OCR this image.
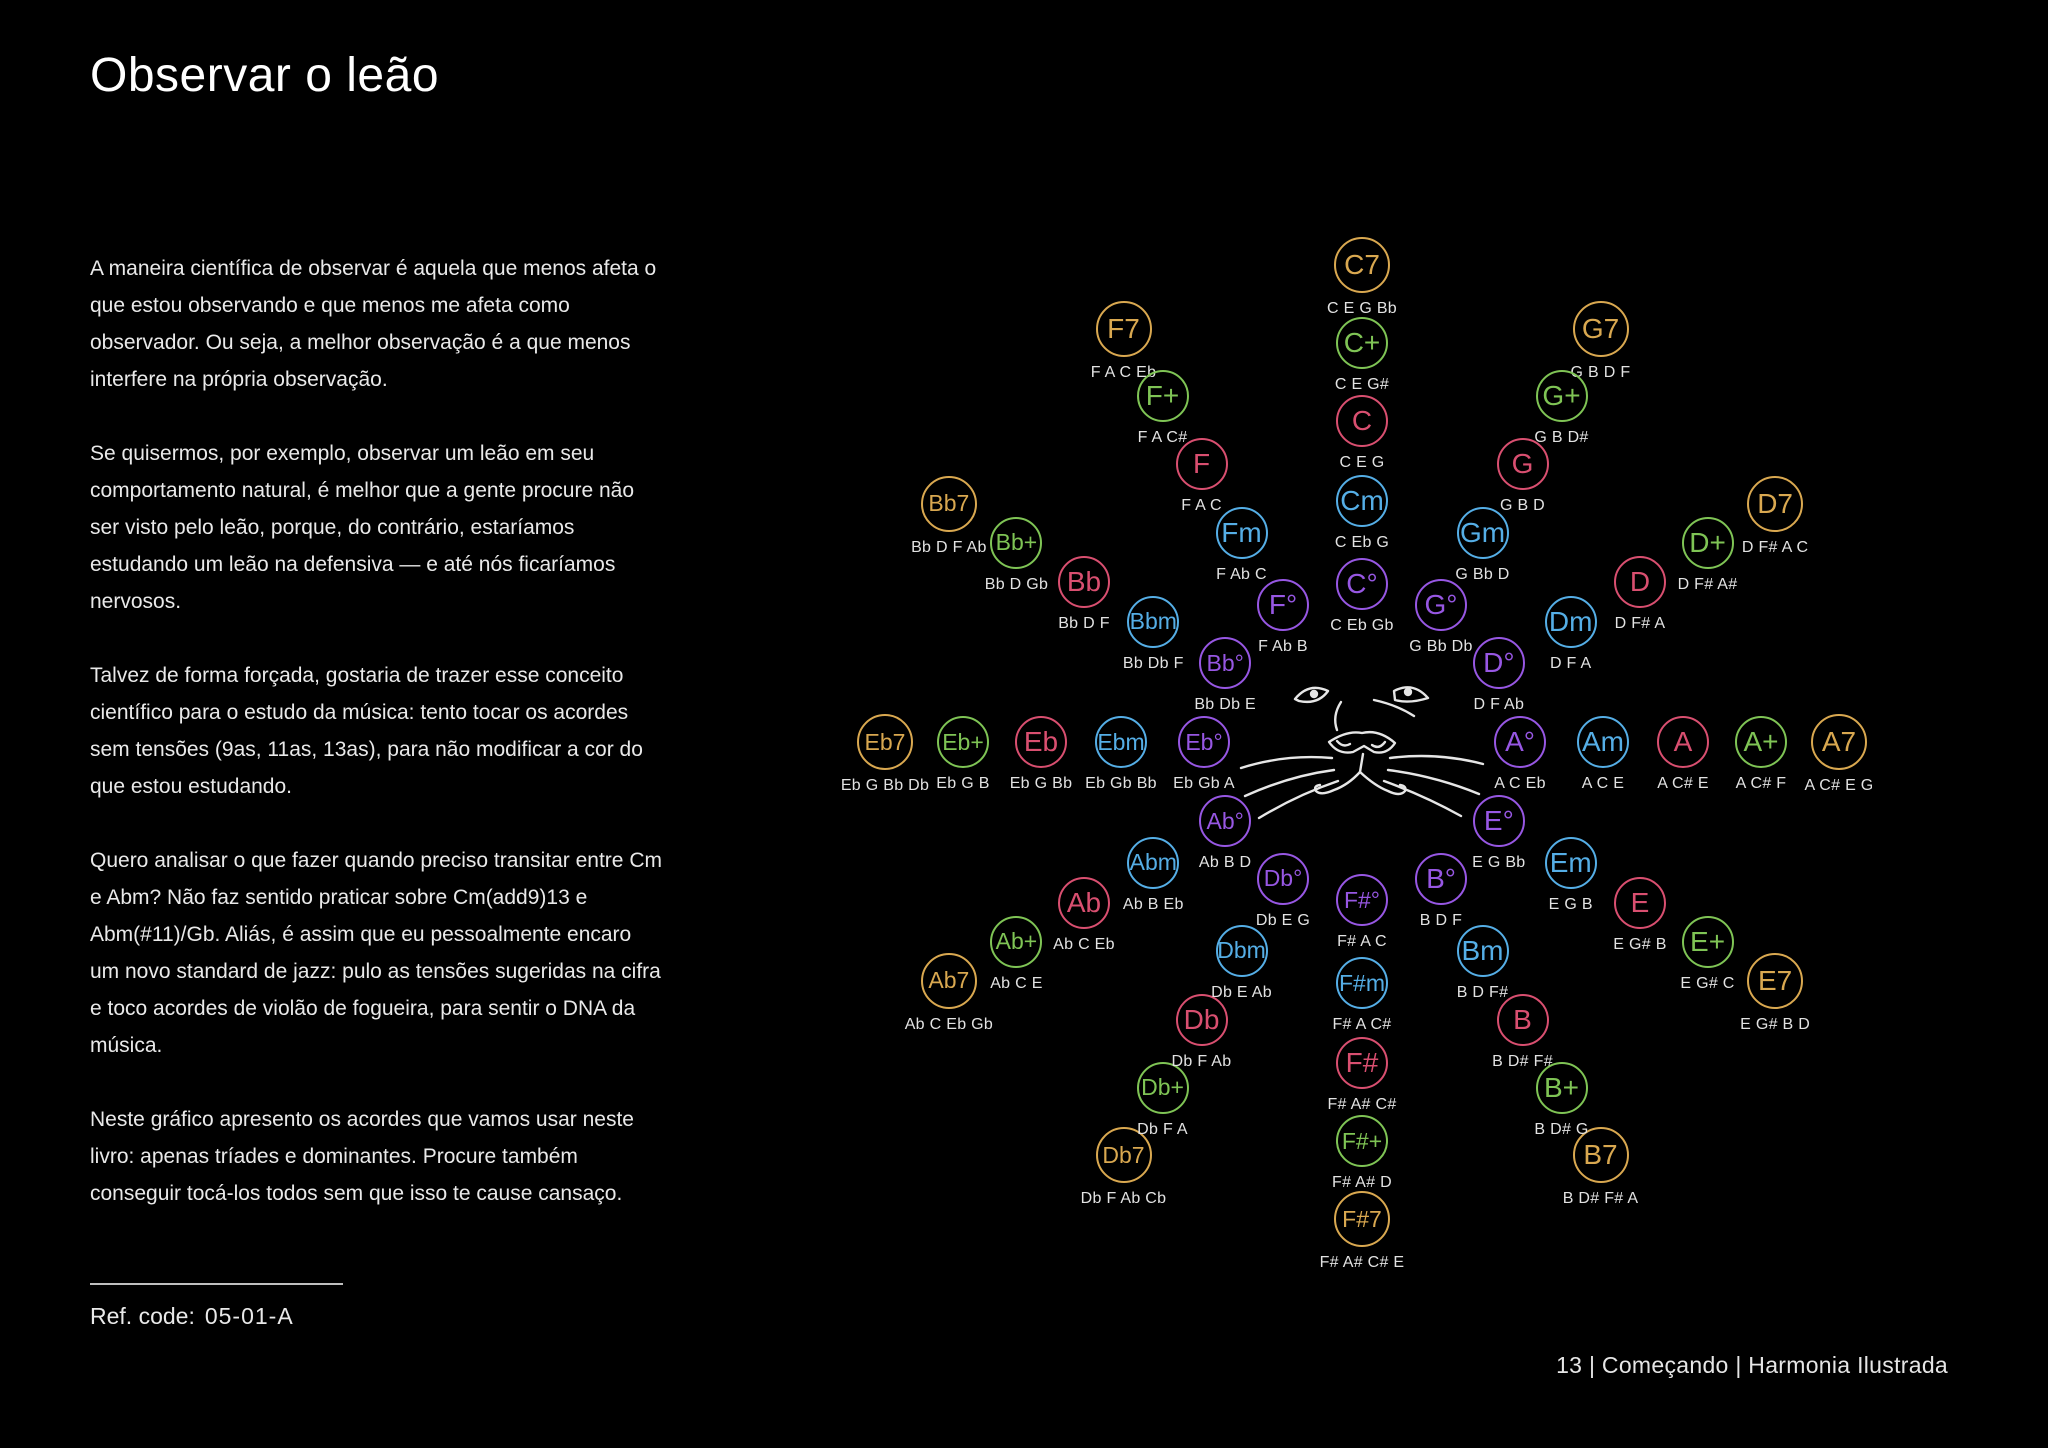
Observar o leão

A maneira científica de observar é aquela que menos afeta o que estou observando e que menos me afeta como observador. Ou seja, a melhor observação é a que menos interfere na própria observação.

Se quisermos, por exemplo, observar um leão em seu comportamento natural, é melhor que a gente procure não ser visto pelo leão, porque, do contrário, estaríamos estudando um leão na defensiva — e até nós ficaríamos nervosos.

Talvez de forma forçada, gostaria de trazer esse conceito científico para o estudo da música: tento tocar os acordes sem tensões (9as, 11as, 13as), para não modificar a cor do que estou estudando.

Quero analisar o que fazer quando preciso transitar entre Cm e Abm? Não faz sentido praticar sobre Cm(add9)13 e Abm(#11)/Gb. Aliás, é assim que eu pessoalmente encaro um novo standard de jazz: pulo as tensões sugeridas na cifra e toco acordes de violão de fogueira, para sentir o DNA da música.

Neste gráfico apresento os acordes que vamos usar neste livro: apenas tríades e dominantes. Procure também conseguir tocá-los todos sem que isso te cause cansaço.

Ref. code: 05-01-A

13 | Começando | Harmonia Ilustrada

C7
C E G Bb
C+
C E G#
C
C E G
Cm
C Eb G
C°
C Eb Gb
G7
G B D F
G+
G B D#
G
G B D
Gm
G Bb D
G°
G Bb Db
D7
D F# A C
D+
D F# A#
D
D F# A
Dm
D F A
D°
D F Ab
A7
A C# E G
A+
A C# F
A
A C# E
Am
A C E
A°
A C Eb
E7
E G# B D
E+
E G# C
E
E G# B
Em
E G B
E°
E G Bb
B7
B D# F# A
B+
B D# G
B
B D# F#
Bm
B D F#
B°
B D F
F#7
F# A# C# E
F#+
F# A# D
F#
F# A# C#
F#m
F# A C#
F#°
F# A C
Db7
Db F Ab Cb
Db+
Db F A
Db
Db F Ab
Dbm
Db E Ab
Db°
Db E G
Ab7
Ab C Eb Gb
Ab+
Ab C E
Ab
Ab C Eb
Abm
Ab B Eb
Ab°
Ab B D
Eb7
Eb G Bb Db
Eb+
Eb G B
Eb
Eb G Bb
Ebm
Eb Gb Bb
Eb°
Eb Gb A
Bb7
Bb D F Ab Bb+
Bb D Gb Bb
Bb D F Bbm
Bb Db F Bb°
Bb Db E
F7
F A C Eb
F+
F A C#
F
F A C
Fm
F Ab C
F°
F Ab B
